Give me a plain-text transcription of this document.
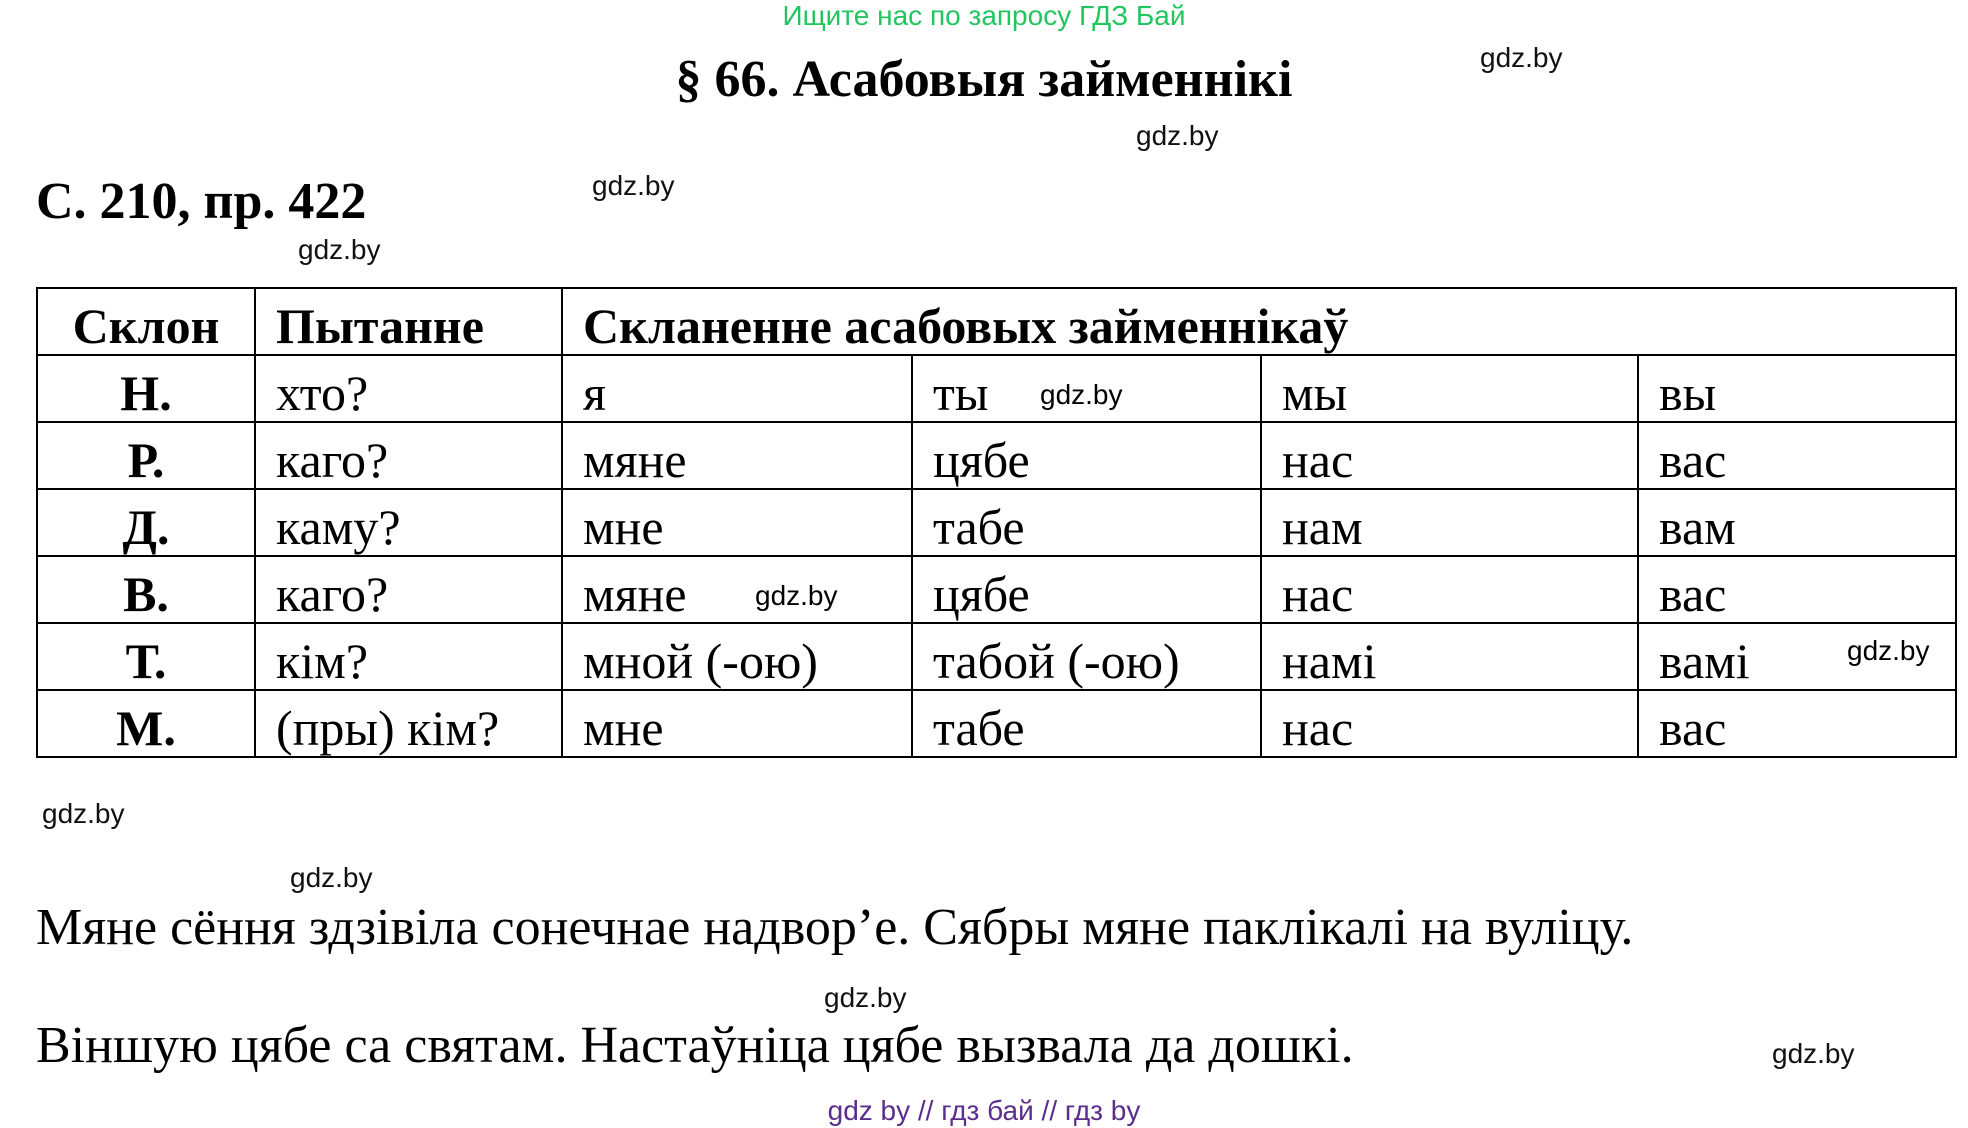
Ищите нас по запросу ГДЗ Бай
§ 66. Асабовыя займеннікі
С. 210, пр. 422
gdz.by
gdz.by
gdz.by
gdz.by
Склон	Пытанне	Скланенне асабовых займеннікаў			
Н.	хто?	я	ты gdz.by	мы	вы
Р.	каго?	мяне	цябе	нас	вас
Д.	каму?	мне	табе	нам	вам
В.	каго?	мяне gdz.by	цябе	нас	вас
Т.	кім?	мной (-ою)	табой (-ою)	намі	вамі gdz.by

М.	(пры) кім?	мне	табе	нас	вас
gdz.by
gdz.by
Мяне сёння здзівіла сонечнае надвор’е. Сябры мяне паклікалі на вуліцу.
gdz.by
Віншую цябе са святам. Настаўніца цябе вызвала да дошкі.	gdz.by
gdz by // гдз бай // гдз by
